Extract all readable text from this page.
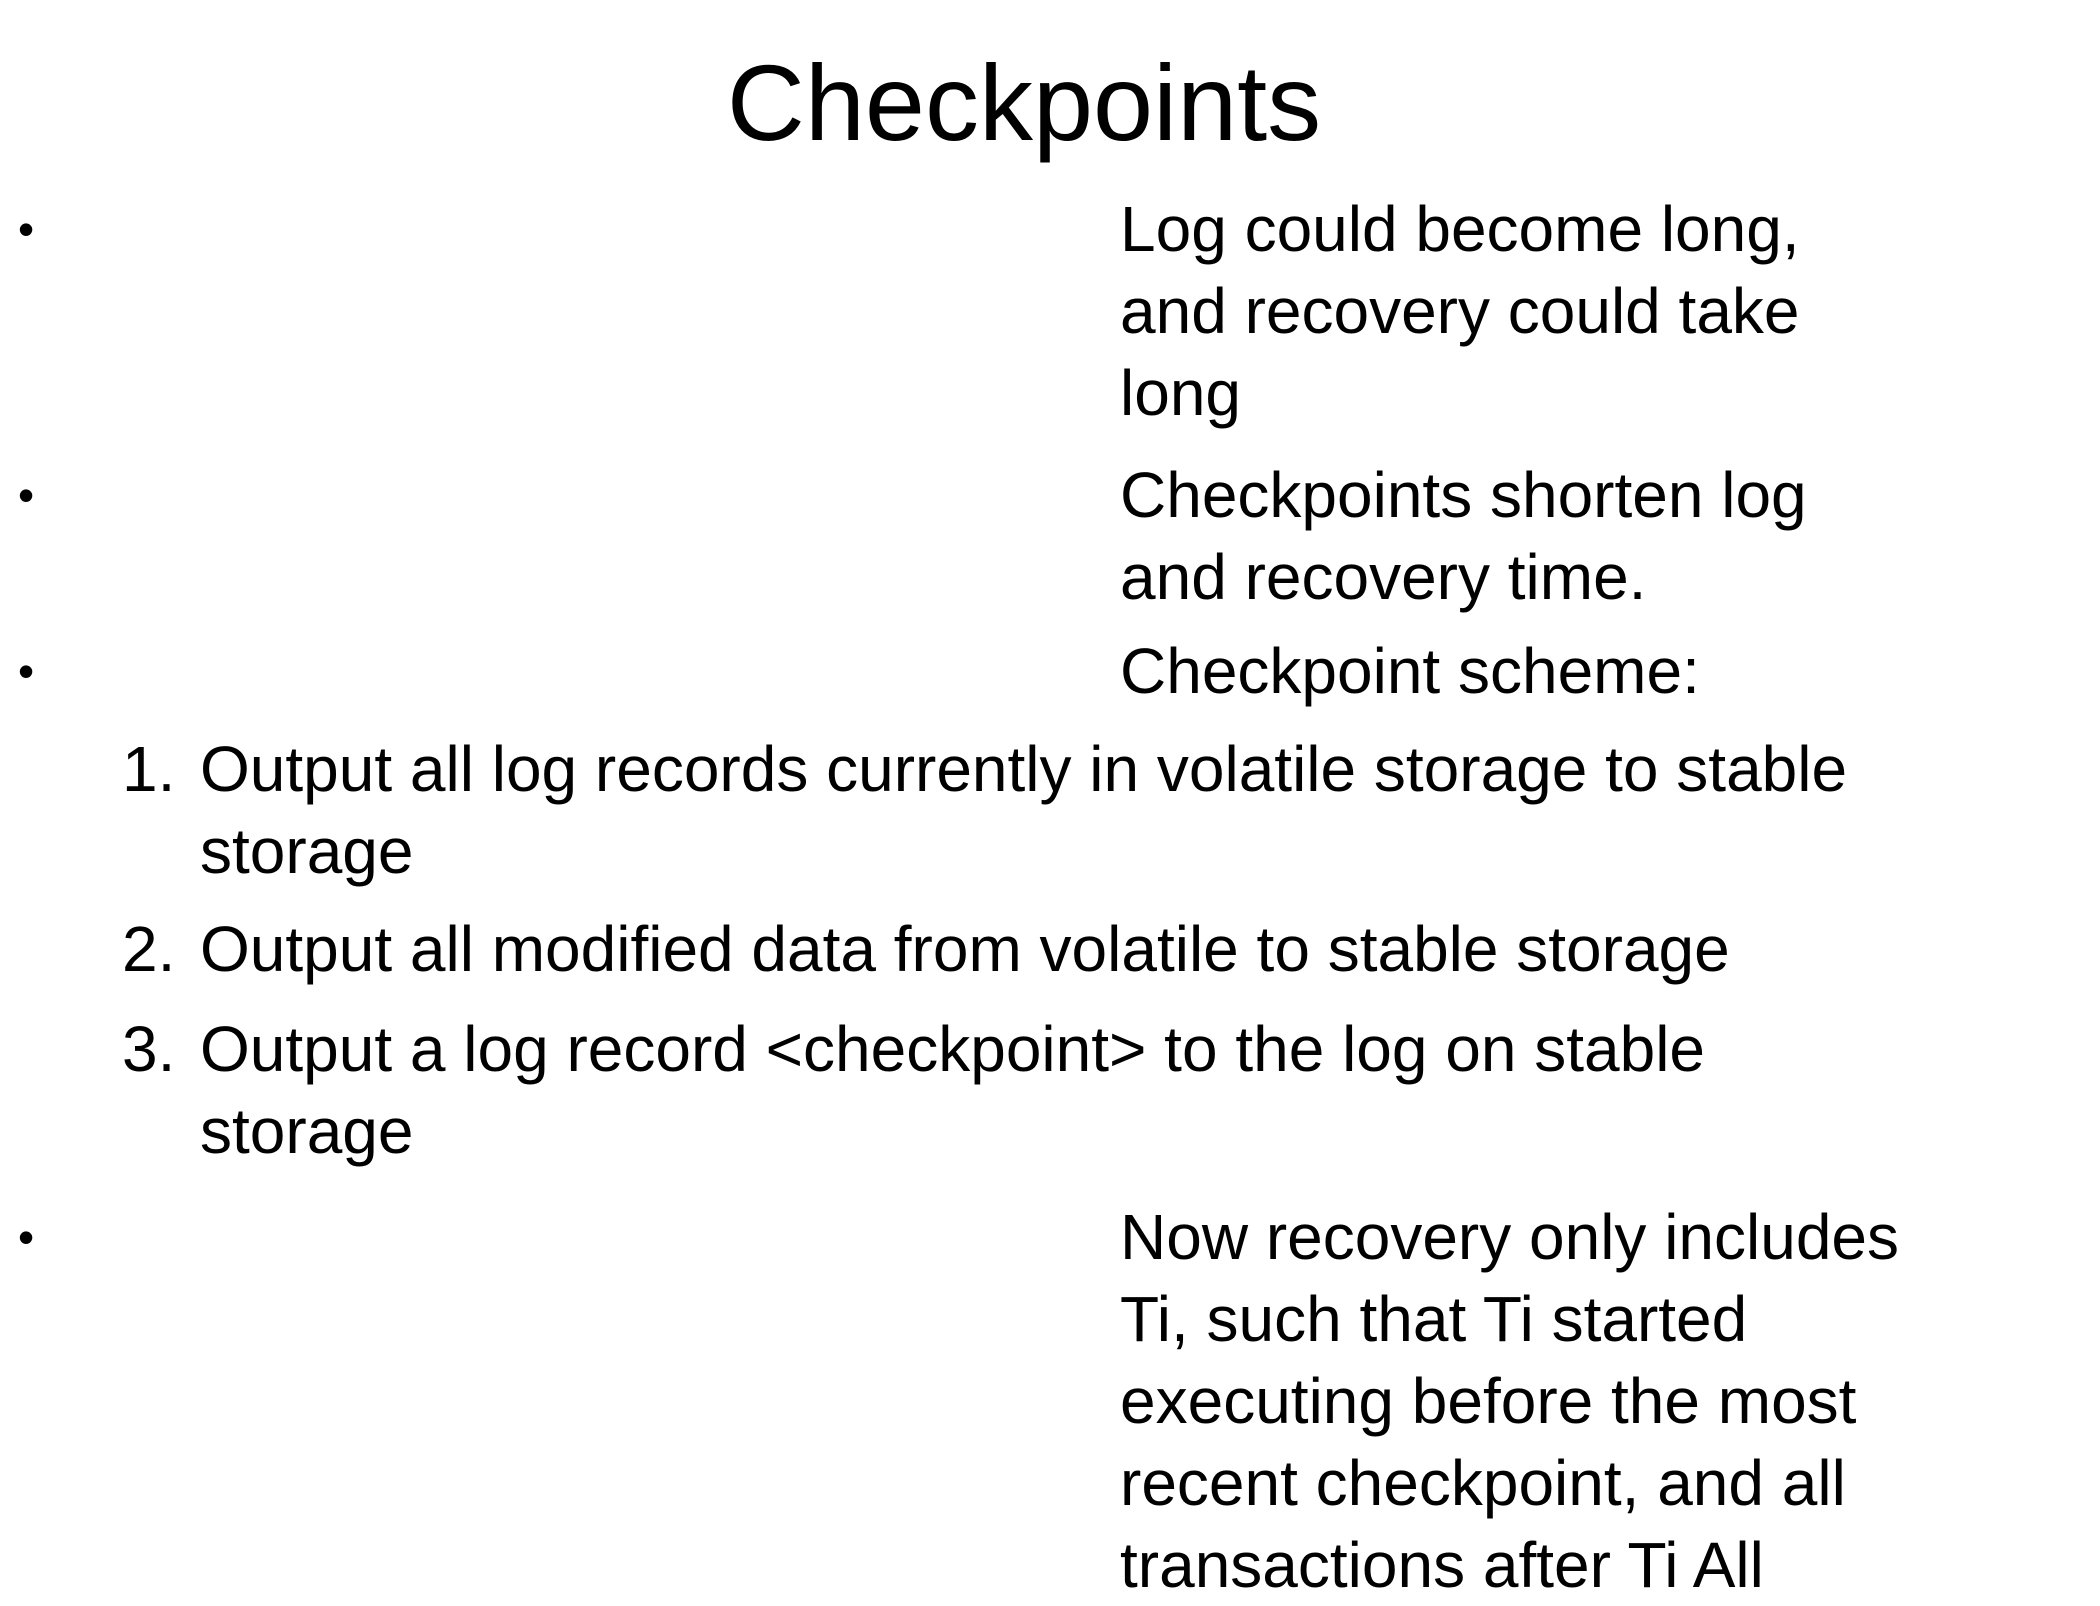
Checkpoints
•	Log could become long,
and recovery could take
long
•	Checkpoints shorten log
and recovery time.
•	Checkpoint scheme:
1. Output all log records currently in volatile storage to stable
storage
2. Output all modified data from volatile to stable storage
3. Output a log record <checkpoint> to the log on stable
storage
•	Now recovery only includes
Ti, such that Ti started
executing before the most
recent checkpoint, and all
transactions after Ti All
